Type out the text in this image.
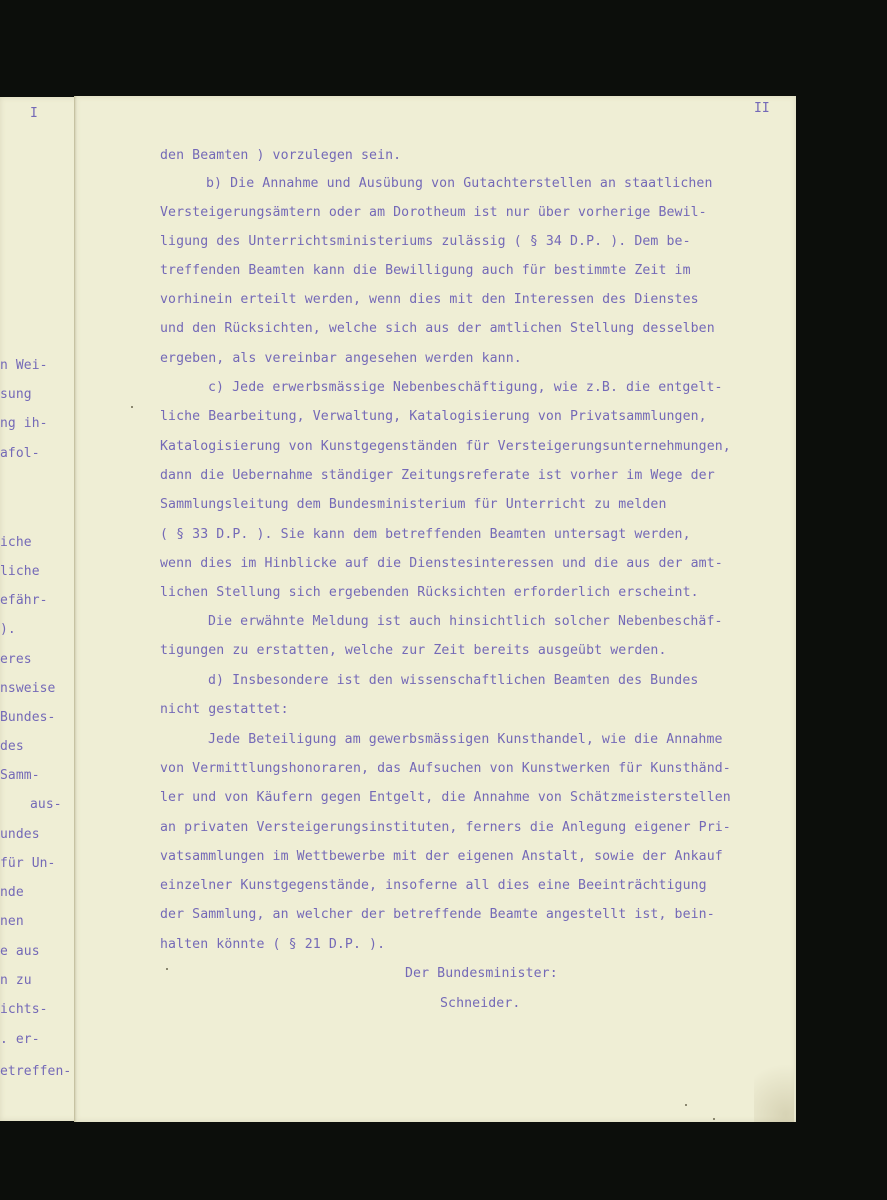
I	II
n Wei-
sung
ng ih-
afol-
iche
liche
efähr-
).
eres
nsweise
Bundes-
des
Samm-
aus-
undes
für Un-
nde
nen
e aus
n zu
ichts-
. er-
etreffen-
den Beamten ) vorzulegen sein.
b) Die Annahme und Ausübung von Gutachterstellen an staatlichen
Versteigerungsämtern oder am Dorotheum ist nur über vorherige Bewil-
ligung des Unterrichtsministeriums zulässig ( § 34 D.P. ). Dem be-
treffenden Beamten kann die Bewilligung auch für bestimmte Zeit im
vorhinein erteilt werden, wenn dies mit den Interessen des Dienstes
und den Rücksichten, welche sich aus der amtlichen Stellung desselben
ergeben, als vereinbar angesehen werden kann.
c) Jede erwerbsmässige Nebenbeschäftigung, wie z.B. die entgelt-
liche Bearbeitung, Verwaltung, Katalogisierung von Privatsammlungen,
Katalogisierung von Kunstgegenständen für Versteigerungsunternehmungen,
dann die Uebernahme ständiger Zeitungsreferate ist vorher im Wege der
Sammlungsleitung dem Bundesministerium für Unterricht zu melden
( § 33 D.P. ). Sie kann dem betreffenden Beamten untersagt werden,
wenn dies im Hinblicke auf die Dienstesinteressen und die aus der amt-
lichen Stellung sich ergebenden Rücksichten erforderlich erscheint.
Die erwähnte Meldung ist auch hinsichtlich solcher Nebenbeschäf-
tigungen zu erstatten, welche zur Zeit bereits ausgeübt werden.
d) Insbesondere ist den wissenschaftlichen Beamten des Bundes
nicht gestattet:
Jede Beteiligung am gewerbsmässigen Kunsthandel, wie die Annahme
von Vermittlungshonoraren, das Aufsuchen von Kunstwerken für Kunsthänd-
ler und von Käufern gegen Entgelt, die Annahme von Schätzmeisterstellen
an privaten Versteigerungsinstituten, ferners die Anlegung eigener Pri-
vatsammlungen im Wettbewerbe mit der eigenen Anstalt, sowie der Ankauf
einzelner Kunstgegenstände, insoferne all dies eine Beeinträchtigung
der Sammlung, an welcher der betreffende Beamte angestellt ist, bein-
halten könnte ( § 21 D.P. ).
Der Bundesminister:
Schneider.
